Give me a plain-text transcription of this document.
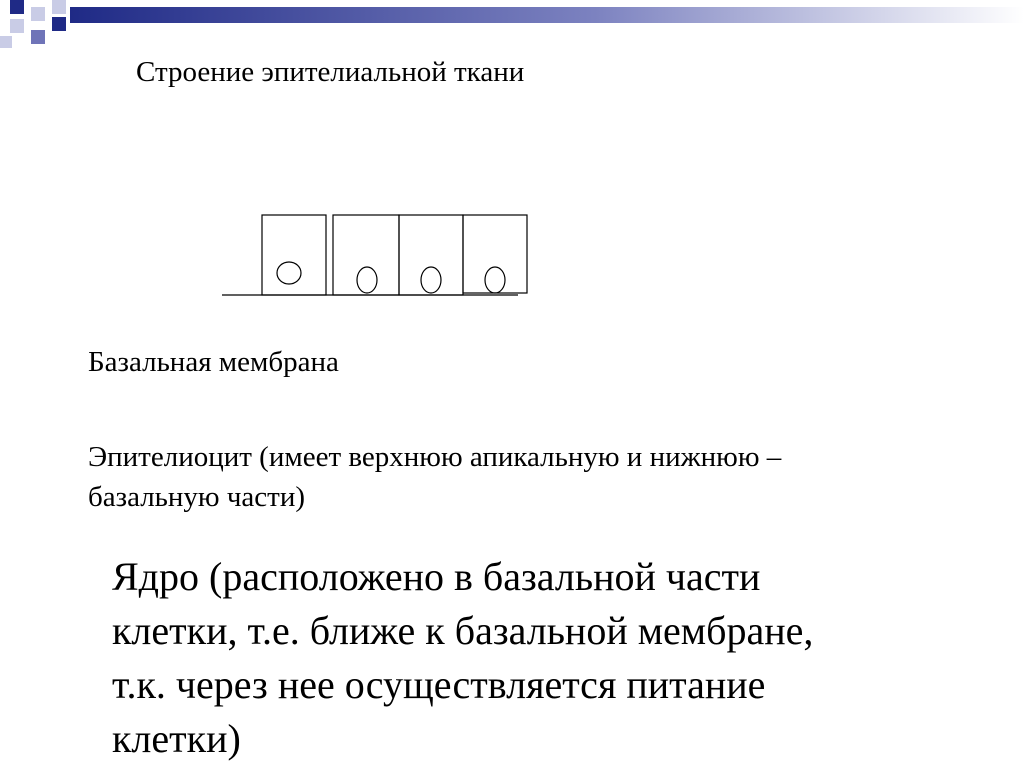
Строение эпителиальной ткани

Базальная мембрана

Эпителиоцит (имеет верхнюю апикальную и нижнюю –
базальную части)

Ядро (расположено в базальной части
клетки, т.е. ближе к базальной мембране,
т.к. через нее осуществляется питание
клетки)
